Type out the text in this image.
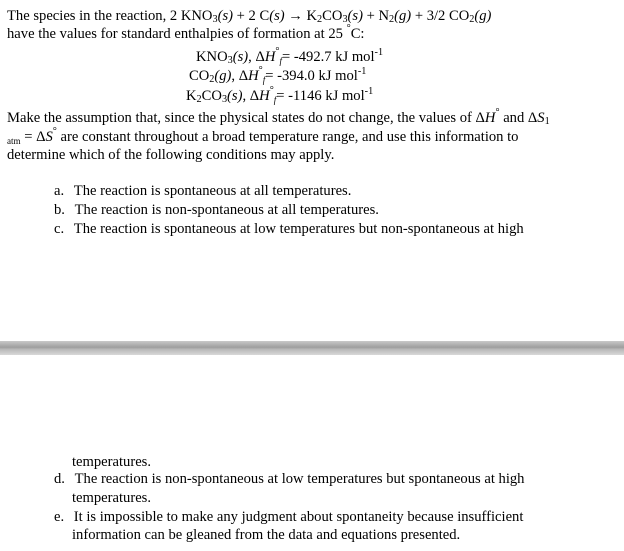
The species in the reaction, 2 $KNO_3(s) + 2$ $C(s) \to K_2CO_3(s) + N_2(g) + 3/2$ $CO_2(g)$
have the values for standard enthalpies of formation at 25 °C:
$KNO_3(s)$, $\Delta H^\circ_f= -492.7$ kJ mol$^{-1}$
$CO_2(g)$, $\Delta H^\circ_f= -394.0$ kJ mol$^{-1}$
$K_2CO_3(s)$, $\Delta H^\circ_f= -1146$ kJ mol$^{-1}$
Make the assumption that, since the physical states do not change, the values of ΔH° and $\Delta S_1$
$_{atm}$ = ΔS° are constant throughout a broad temperature range, and use this information to
determine which of the following conditions may apply.
a. The reaction is spontaneous at all temperatures.
b. The reaction is non-spontaneous at all temperatures.
c. The reaction is spontaneous at low temperatures but non-spontaneous at high
temperatures.
d. The reaction is non-spontaneous at low temperatures but spontaneous at high
temperatures.
e. It is impossible to make any judgment about spontaneity because insufficient
information can be gleaned from the data and equations presented.
